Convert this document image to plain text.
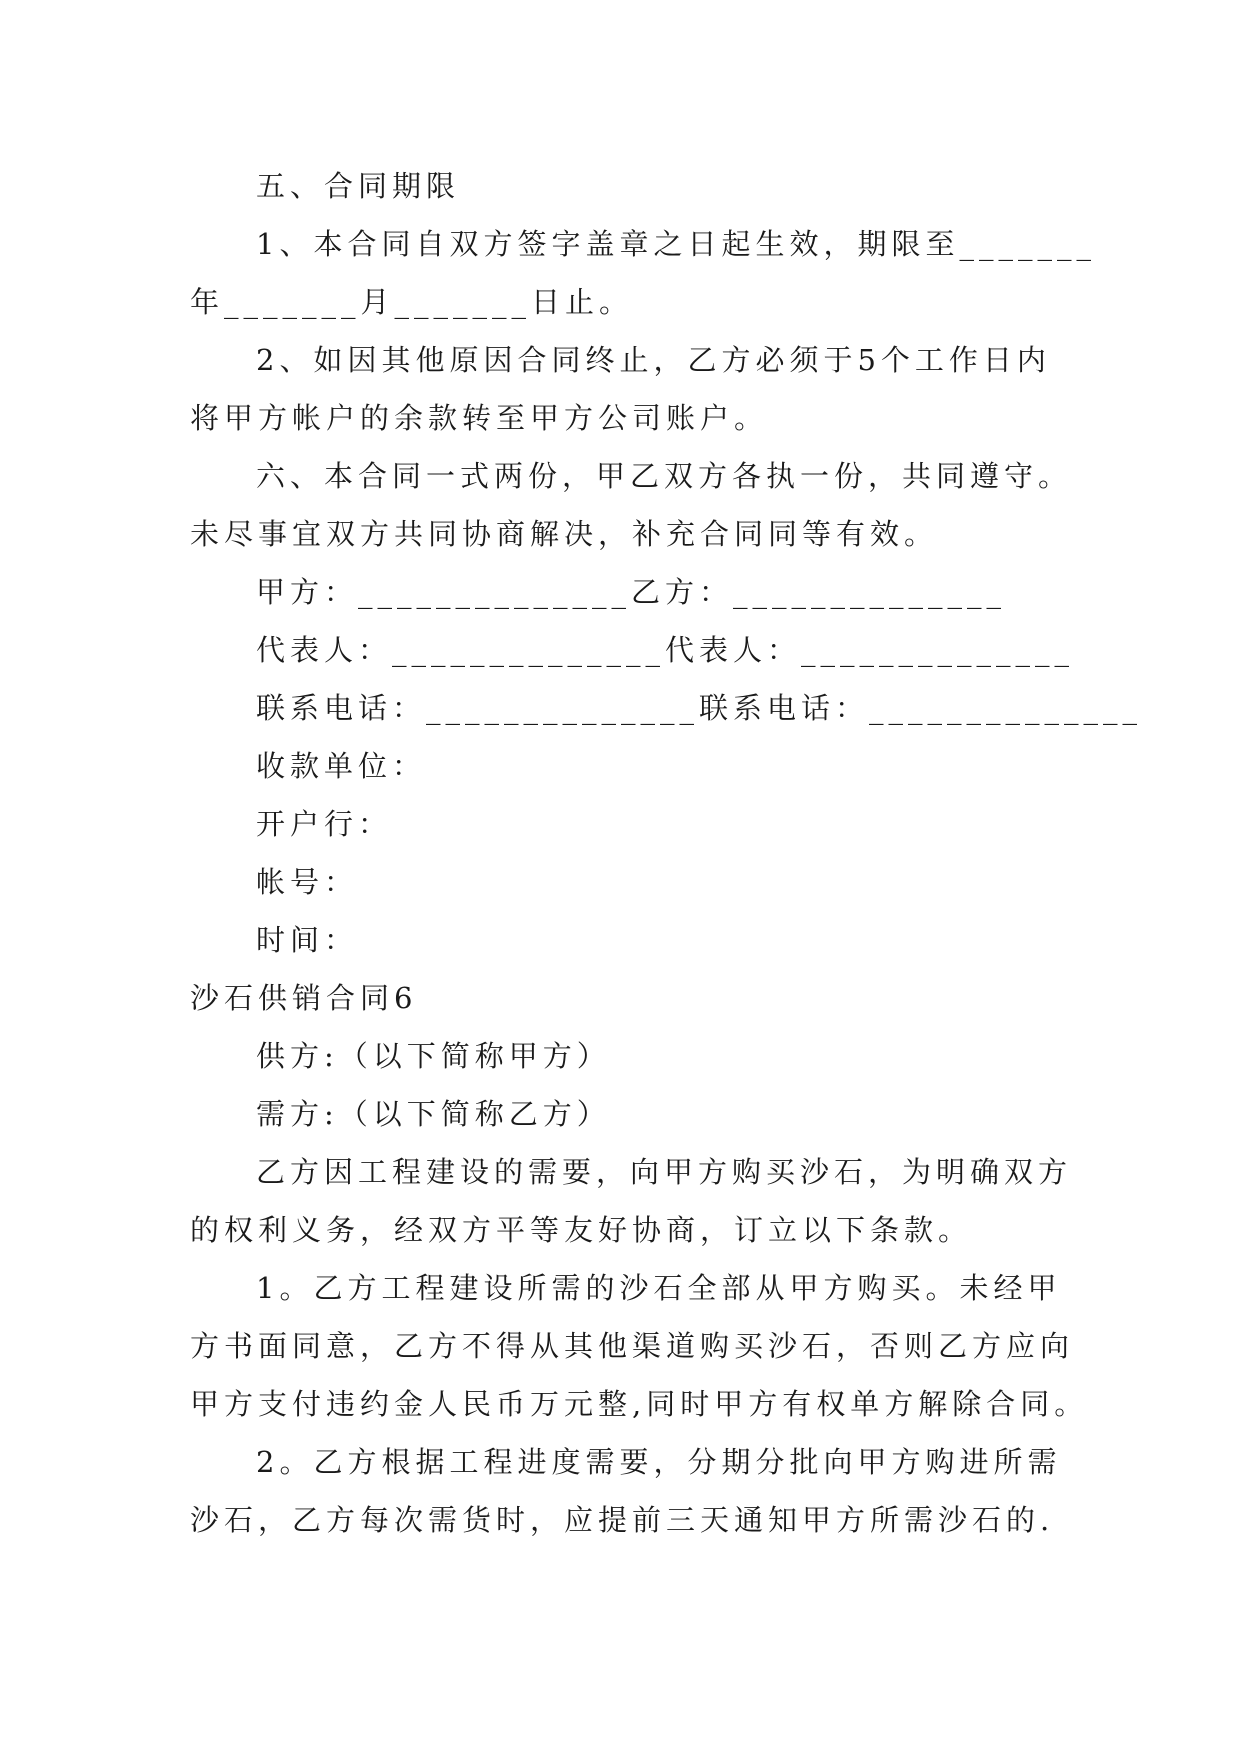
五、合同期限
1、本合同自双方签字盖章之日起生效，期限至_______
年_______月_______日止。
2、如因其他原因合同终止，乙方必须于5个工作日内
将甲方帐户的余款转至甲方公司账户。
六、本合同一式两份，甲乙双方各执一份，共同遵守。
未尽事宜双方共同协商解决，补充合同同等有效。
甲方：______________乙方：______________
代表人：______________代表人：______________
联系电话：______________联系电话：______________
收款单位：
开户行：
帐号：
时间：
沙石供销合同6
供方:（以下简称甲方）
需方:（以下简称乙方）
乙方因工程建设的需要，向甲方购买沙石，为明确双方
的权利义务，经双方平等友好协商，订立以下条款。
1。乙方工程建设所需的沙石全部从甲方购买。未经甲
方书面同意，乙方不得从其他渠道购买沙石，否则乙方应向
甲方支付违约金人民币万元整,同时甲方有权单方解除合同。
2。乙方根据工程进度需要，分期分批向甲方购进所需
沙石，乙方每次需货时，应提前三天通知甲方所需沙石的.
